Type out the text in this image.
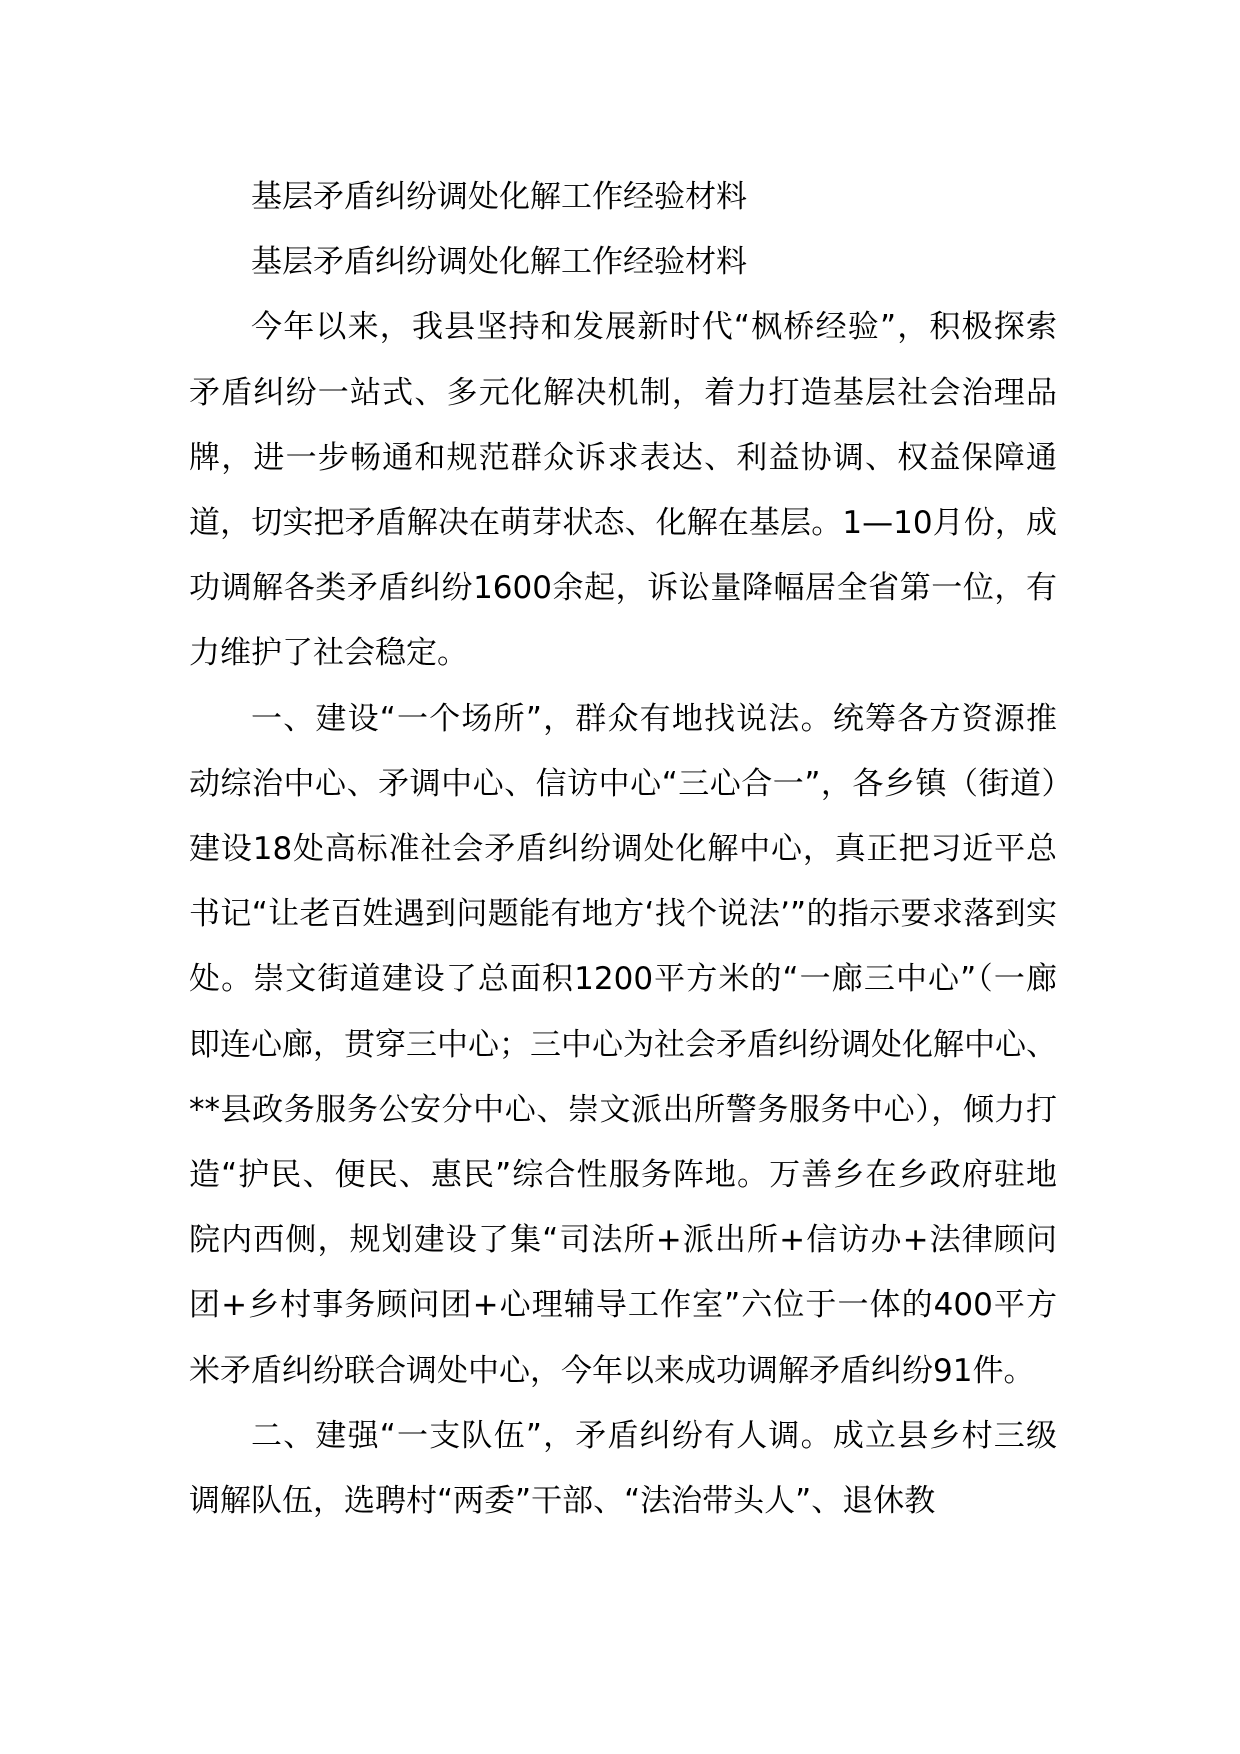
基层矛盾纠纷调处化解工作经验材料

基层矛盾纠纷调处化解工作经验材料

今年以来，我县坚持和发展新时代“枫桥经验”，积极探索矛盾纠纷一站式、多元化解决机制，着力打造基层社会治理品牌，进一步畅通和规范群众诉求表达、利益协调、权益保障通道，切实把矛盾解决在萌芽状态、化解在基层。1—10月份，成功调解各类矛盾纠纷1600余起，诉讼量降幅居全省第一位，有力维护了社会稳定。

一、建设“一个场所”，群众有地找说法。统筹各方资源推动综治中心、矛调中心、信访中心“三心合一”，各乡镇（街道）建设18处高标准社会矛盾纠纷调处化解中心，真正把习近平总书记“让老百姓遇到问题能有地方‘找个说法’”的指示要求落到实处。崇文街道建设了总面积1200平方米的“一廊三中心”（一廊即连心廊，贯穿三中心；三中心为社会矛盾纠纷调处化解中心、**县政务服务公安分中心、崇文派出所警务服务中心），倾力打造“护民、便民、惠民”综合性服务阵地。万善乡在乡政府驻地院内西侧，规划建设了集“司法所+派出所+信访办+法律顾问团+乡村事务顾问团+心理辅导工作室”六位于一体的400平方米矛盾纠纷联合调处中心，今年以来成功调解矛盾纠纷91件。

二、建强“一支队伍”，矛盾纠纷有人调。成立县乡村三级调解队伍，选聘村“两委”干部、“法治带头人”、退休教
